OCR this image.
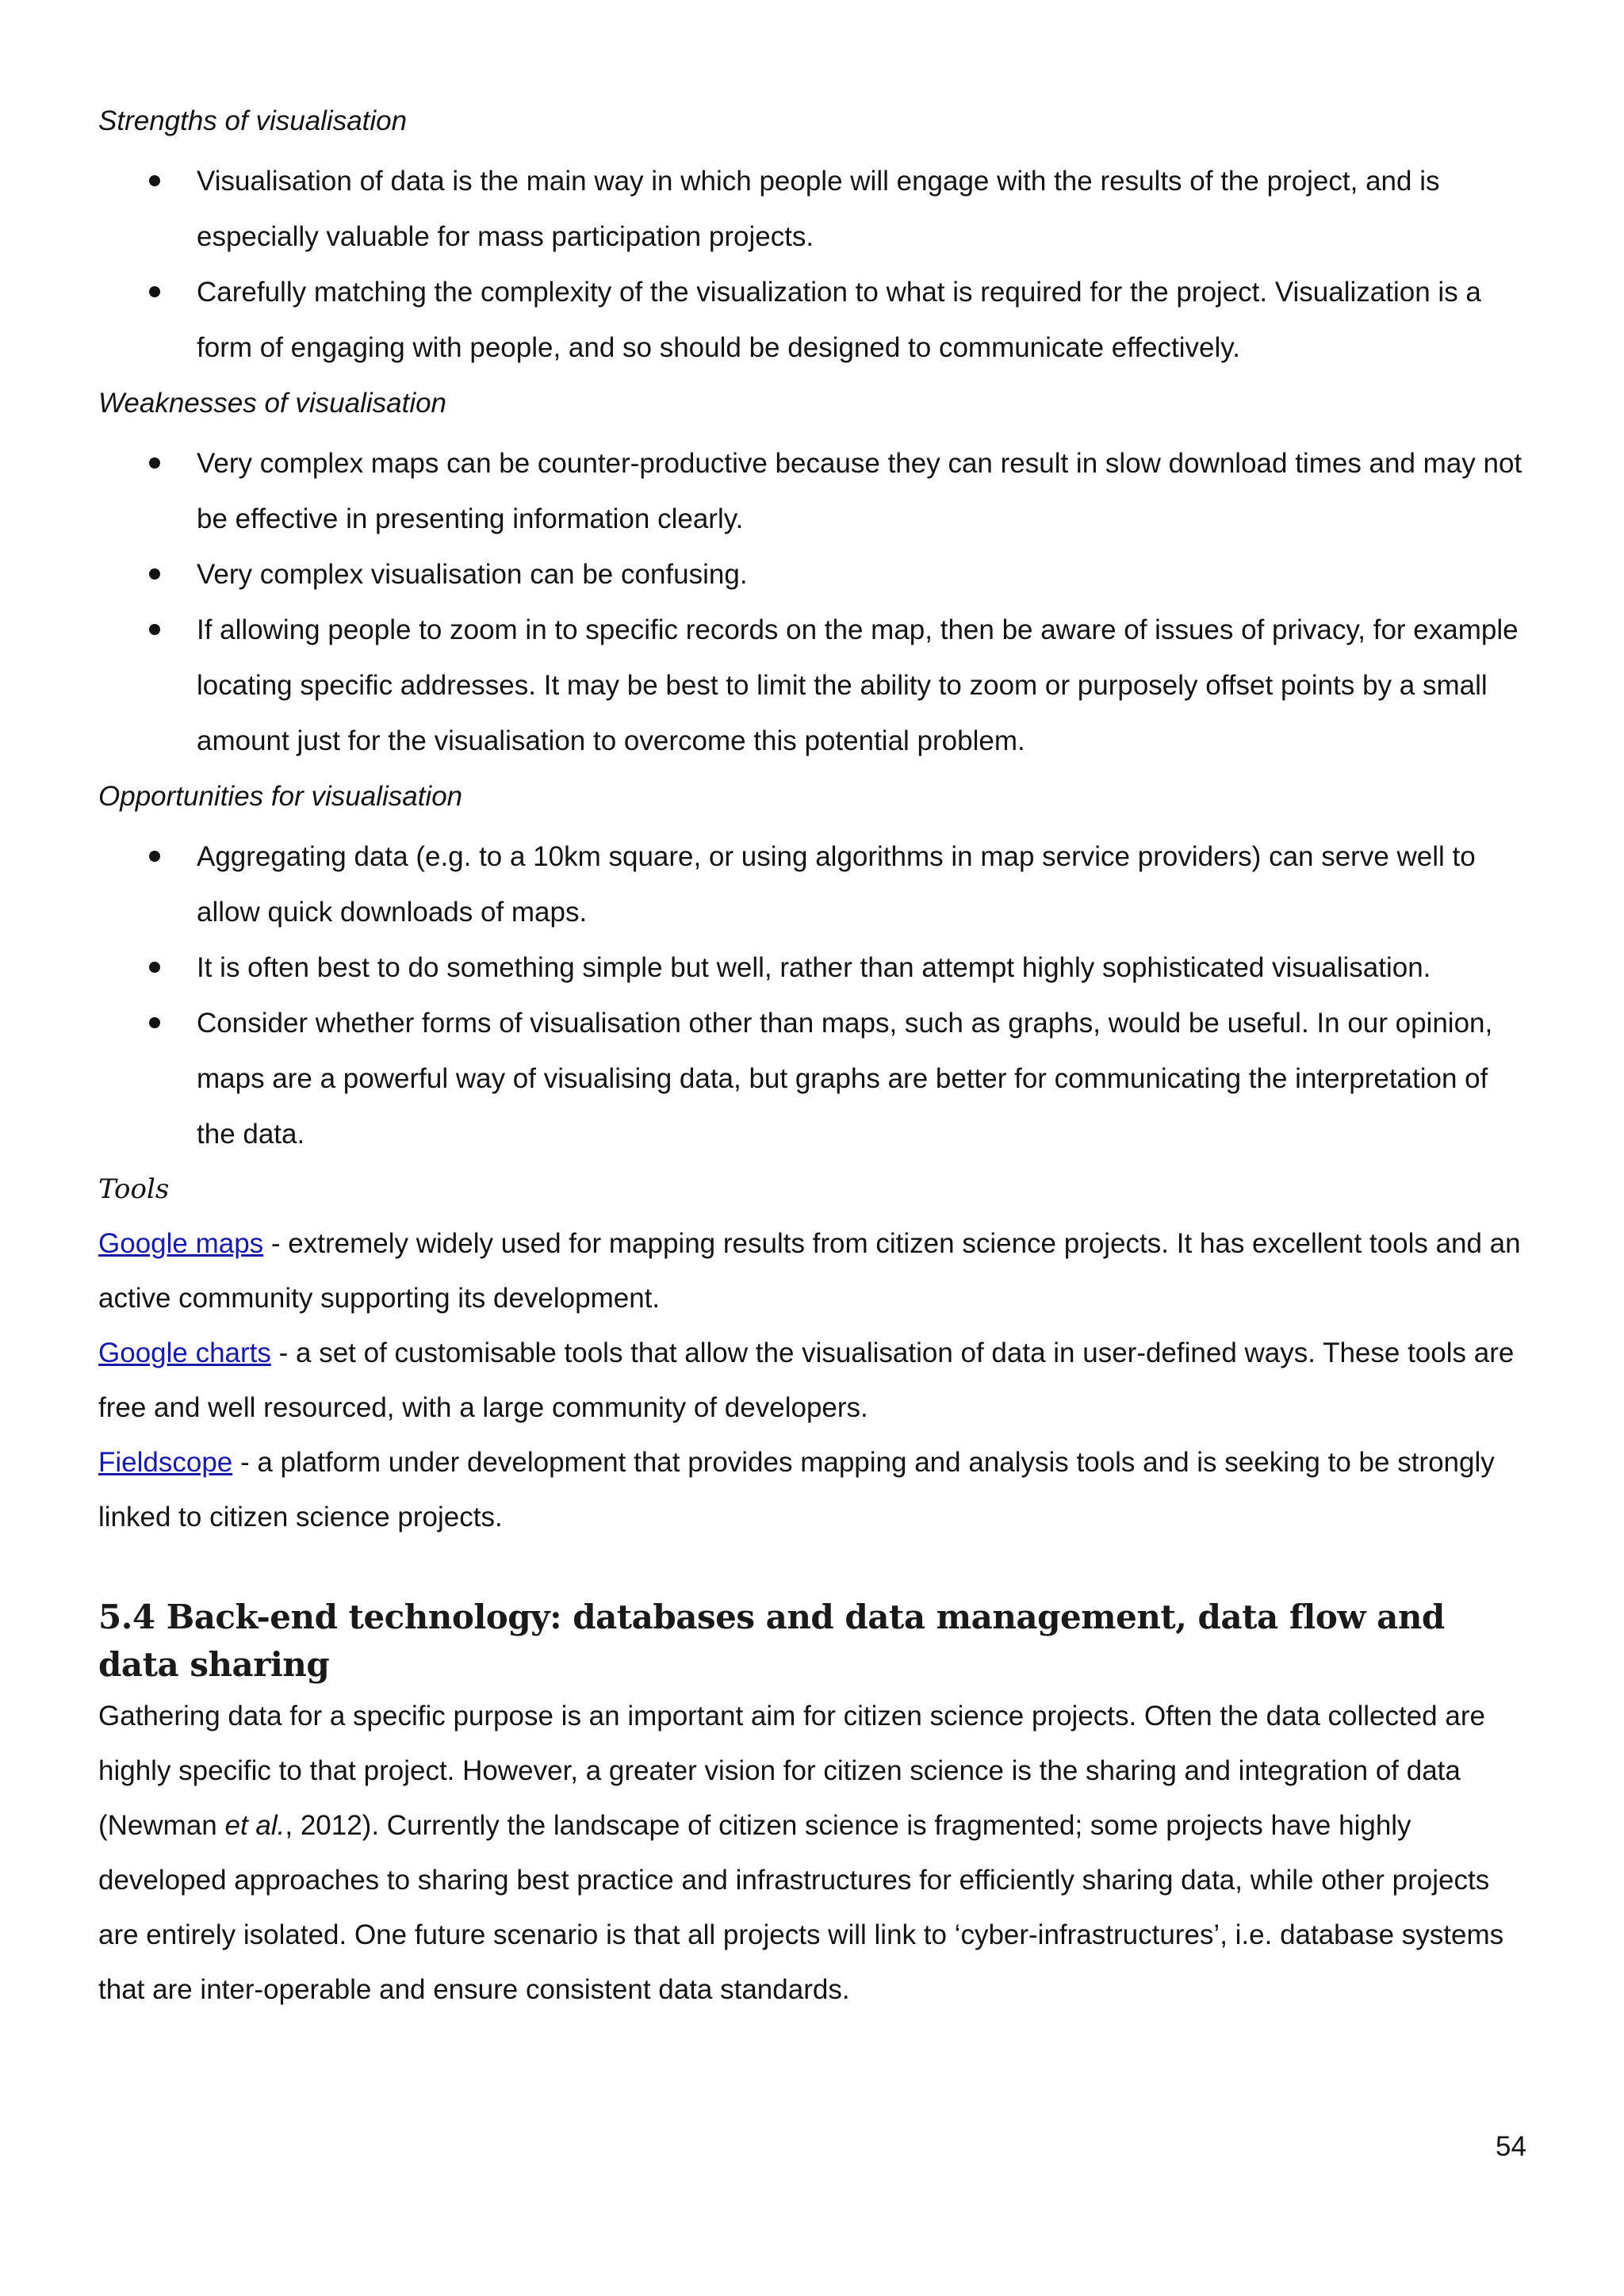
Strengths of visualisation

Visualisation of data is the main way in which people will engage with the results of the project, and is especially valuable for mass participation projects.
Carefully matching the complexity of the visualization to what is required for the project. Visualization is a form of engaging with people, and so should be designed to communicate effectively.

Weaknesses of visualisation

Very complex maps can be counter-productive because they can result in slow download times and may not be effective in presenting information clearly.
Very complex visualisation can be confusing.
If allowing people to zoom in to specific records on the map, then be aware of issues of privacy, for example locating specific addresses. It may be best to limit the ability to zoom or purposely offset points by a small amount just for the visualisation to overcome this potential problem.

Opportunities for visualisation

Aggregating data (e.g. to a 10km square, or using algorithms in map service providers) can serve well to allow quick downloads of maps.
It is often best to do something simple but well, rather than attempt highly sophisticated visualisation.
Consider whether forms of visualisation other than maps, such as graphs, would be useful. In our opinion, maps are a powerful way of visualising data, but graphs are better for communicating the interpretation of the data.

Tools

Google maps - extremely widely used for mapping results from citizen science projects. It has excellent tools and an active community supporting its development.

Google charts - a set of customisable tools that allow the visualisation of data in user-defined ways. These tools are free and well resourced, with a large community of developers.

Fieldscope - a platform under development that provides mapping and analysis tools and is seeking to be strongly linked to citizen science projects.

5.4 Back-end technology: databases and data management, data flow and data sharing

Gathering data for a specific purpose is an important aim for citizen science projects. Often the data collected are highly specific to that project. However, a greater vision for citizen science is the sharing and integration of data (Newman et al., 2012). Currently the landscape of citizen science is fragmented; some projects have highly developed approaches to sharing best practice and infrastructures for efficiently sharing data, while other projects are entirely isolated. One future scenario is that all projects will link to ‘cyber-infrastructures’, i.e. database systems that are inter-operable and ensure consistent data standards.

54
